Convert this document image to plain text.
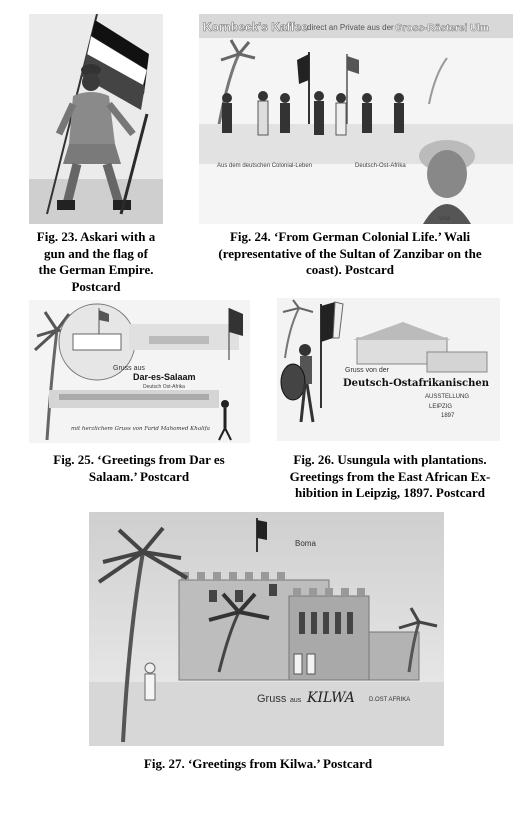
Fig. 23. Askari with a
gun and the flag of
the German Empire.
Postcard
Kornbeck's Kaffee direct an Private aus der Gross-Rösterei Ulm
Aus dem deutschen Colonial-Leben	Deutsch-Ost-Afrika
Wali
Fig. 24. ‘From German Colonial Life.’ Wali
(representative of the Sultan of Zanzibar on the
coast). Postcard
Gruss aus
Dar-es-Salaam
Deutsch Ost-Afrika
mit herzlichem Gruss von Farid Mahomed Khalifa
Fig. 25. ‘Greetings from Dar es
Salaam.’ Postcard
Gruss von der
Deutsch-Ostafrikanischen
AUSSTELLUNG
LEIPZIG
1897
Fig. 26. Usungula with plantations.
Greetings from the East African Ex-
hibition in Leipzig, 1897. Postcard
Boma
Gruss aus KILWA D.OST AFRIKA
Fig. 27. ‘Greetings from Kilwa.’ Postcard
